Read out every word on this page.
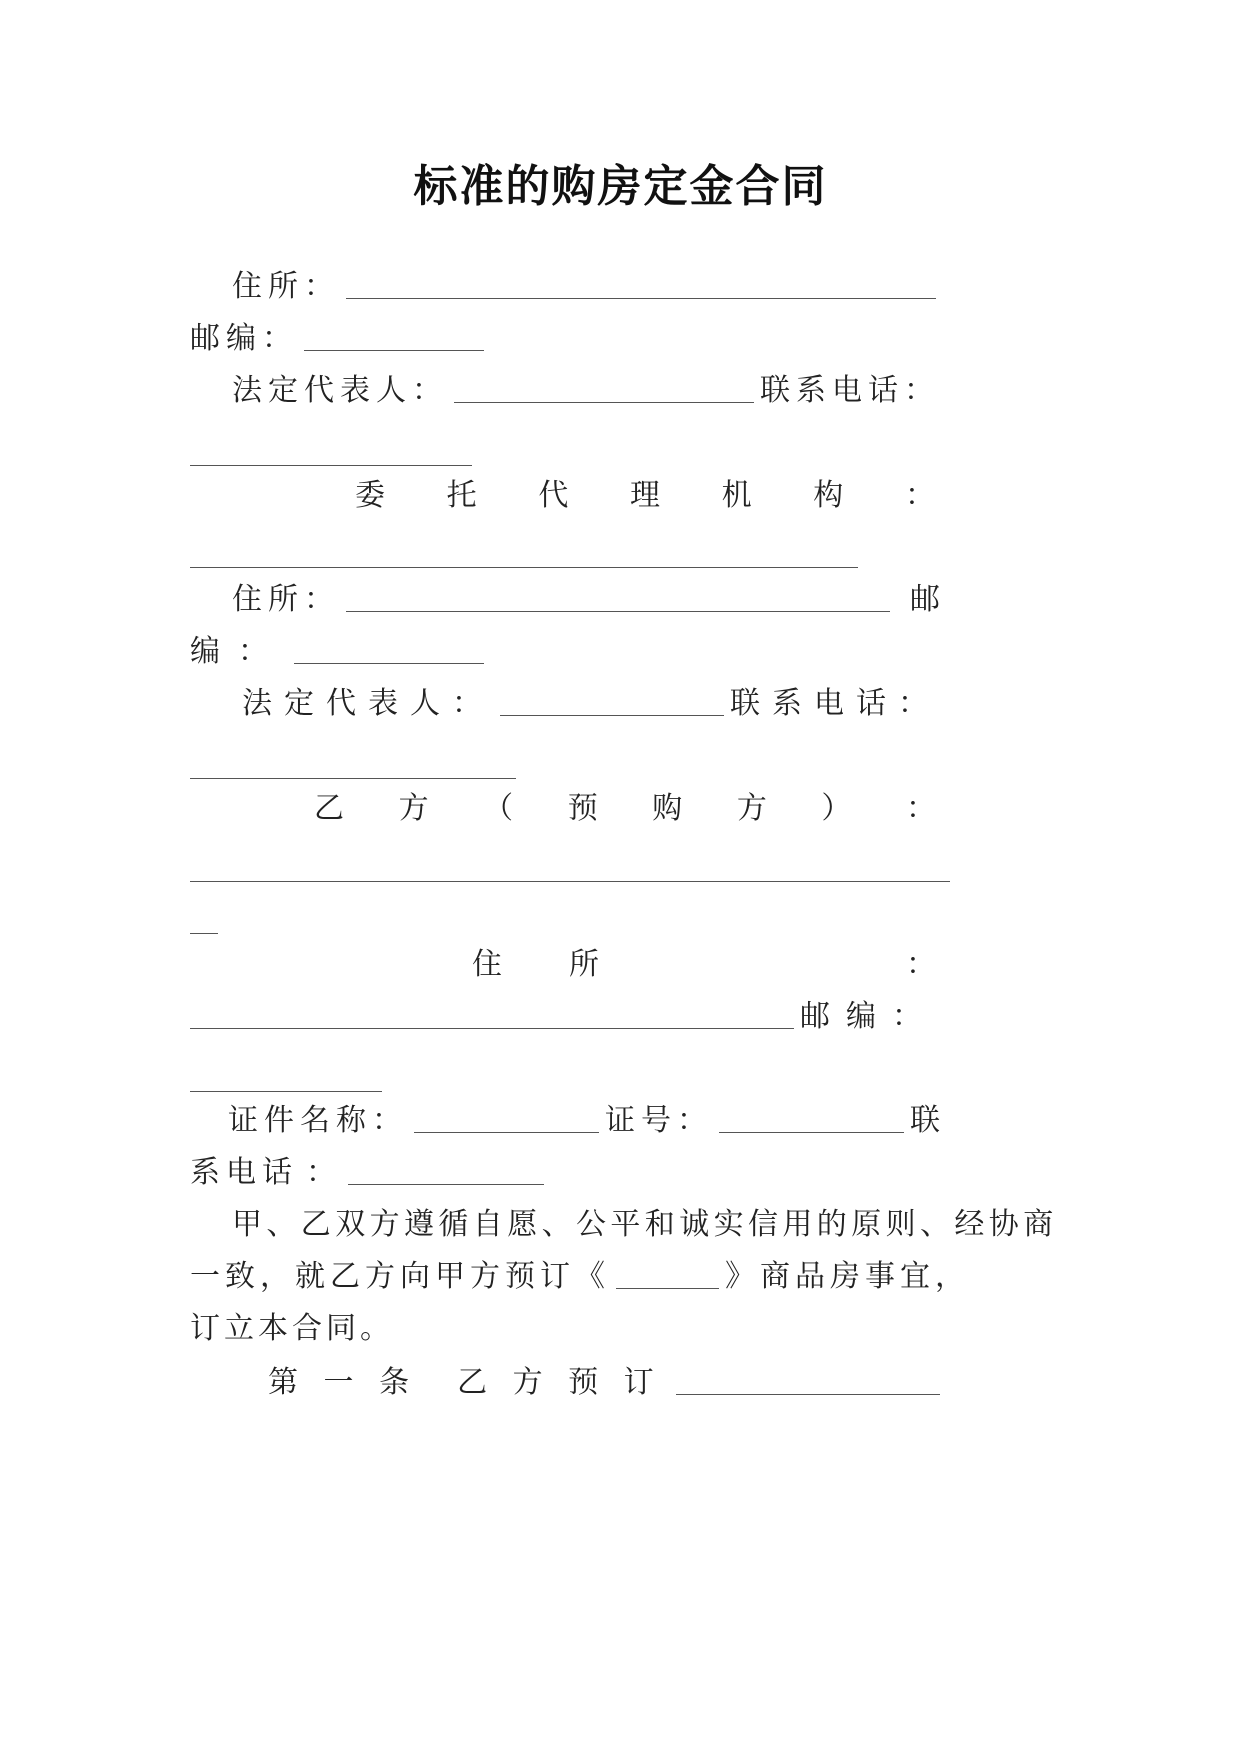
标准的购房定金合同
住所：
邮编：
法定代表人：	联系电话：
委 托 代 理 机 构 ：
住所：	邮
编 ：
法定代表人：	联系电话：
乙 方 （ 预 购 方 ） ：
住 所	：
邮编：
证件名称：	证号：	联
系电话 ：
甲、乙双方遵循自愿、公平和诚实信用的原则、经协商
一致，就乙方向甲方预订《	》商品房事宜，
订立本合同。
第 一 条 乙 方 预 订
